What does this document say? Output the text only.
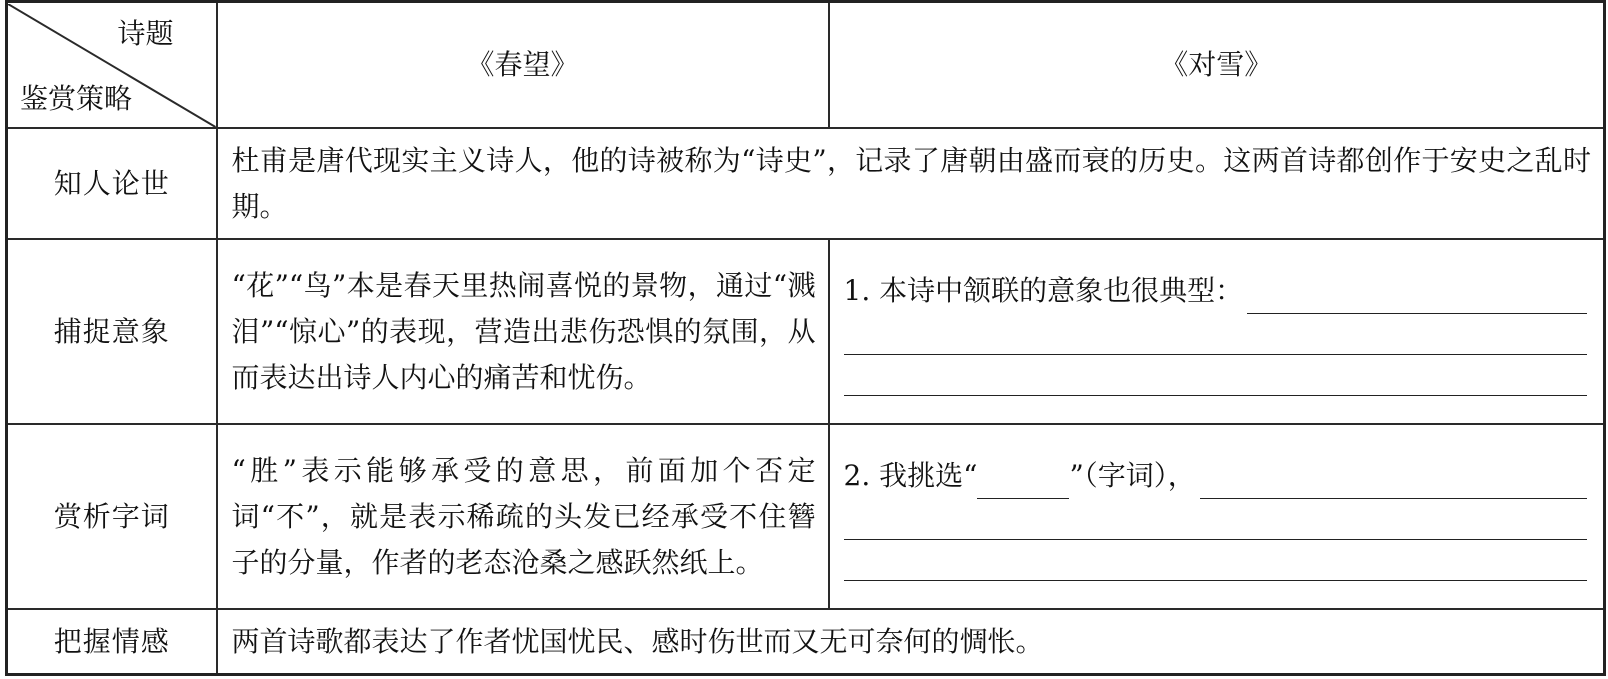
诗题
鉴赏策略	《春望》	《对雪》
知人论世	杜甫是唐代现实主义诗人，他的诗被称为“诗史”，记录了唐朝由盛而衰的历史。这两首诗都创作于安史之乱时期。	
捕捉意象	“花”“鸟”本是春天里热闹喜悦的景物，通过“溅泪”“惊心”的表现，营造出悲伤恐惧的氛围，从而表达出诗人内心的痛苦和忧伤。	1. 本诗中颔联的意象也很典型：

赏析字词	“胜”表示能够承受的意思，前面加个否定词“不”，就是表示稀疏的头发已经承受不住簪子的分量，作者的老态沧桑之感跃然纸上。	2. 我挑选“ ”（字词），

把握情感	两首诗歌都表达了作者忧国忧民、感时伤世而又无可奈何的惆怅。	
